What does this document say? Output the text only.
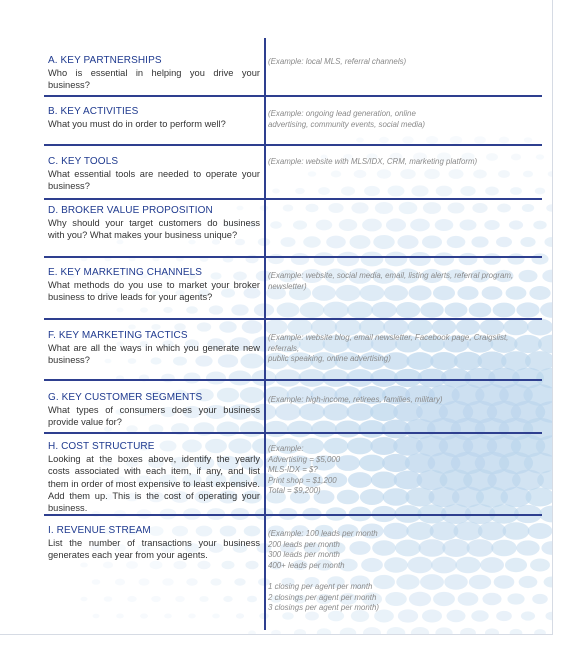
A. KEY PARTNERSHIPS
Who is essential in helping you drive your business?
(Example: local MLS, referral channels)
B. KEY ACTIVITIES
What you must do in order to perform well?
(Example: ongoing lead generation, online
advertising, community events, social media)
C. KEY TOOLS
What essential tools are needed to operate your business?
(Example: website with MLS/IDX, CRM, marketing platform)
D. BROKER VALUE PROPOSITION
Why should your target customers do business with you? What makes your business unique?
E. KEY MARKETING CHANNELS
What methods do you use to market your broker business to drive leads for your agents?
(Example: website, social media, email, listing alerts, referral program,
newsletter)
F. KEY MARKETING TACTICS
What are all the ways in which you generate new business?
(Example: website blog, email newsletter, Facebook page, Craigslist, referrals,
public speaking, online advertising)
G. KEY CUSTOMER SEGMENTS
What types of consumers does your business provide value for?
(Example: high-income, retirees, families, military)
H. COST STRUCTURE
Looking at the boxes above, identify the yearly costs associated with each item, if any, and list them in order of most expensive to least expensive. Add them up. This is the cost of operating your business.
(Example:
Advertising = $5,000
MLS-IDX = $?
Print shop = $1,200
Total = $9,200)
I. REVENUE STREAM
List the number of transactions your business generates each year from your agents.
(Example: 100 leads per month
200 leads per month
300 leads per month
400+ leads per month

1 closing per agent per month
2 closings per agent per month
3 closings per agent per month)
